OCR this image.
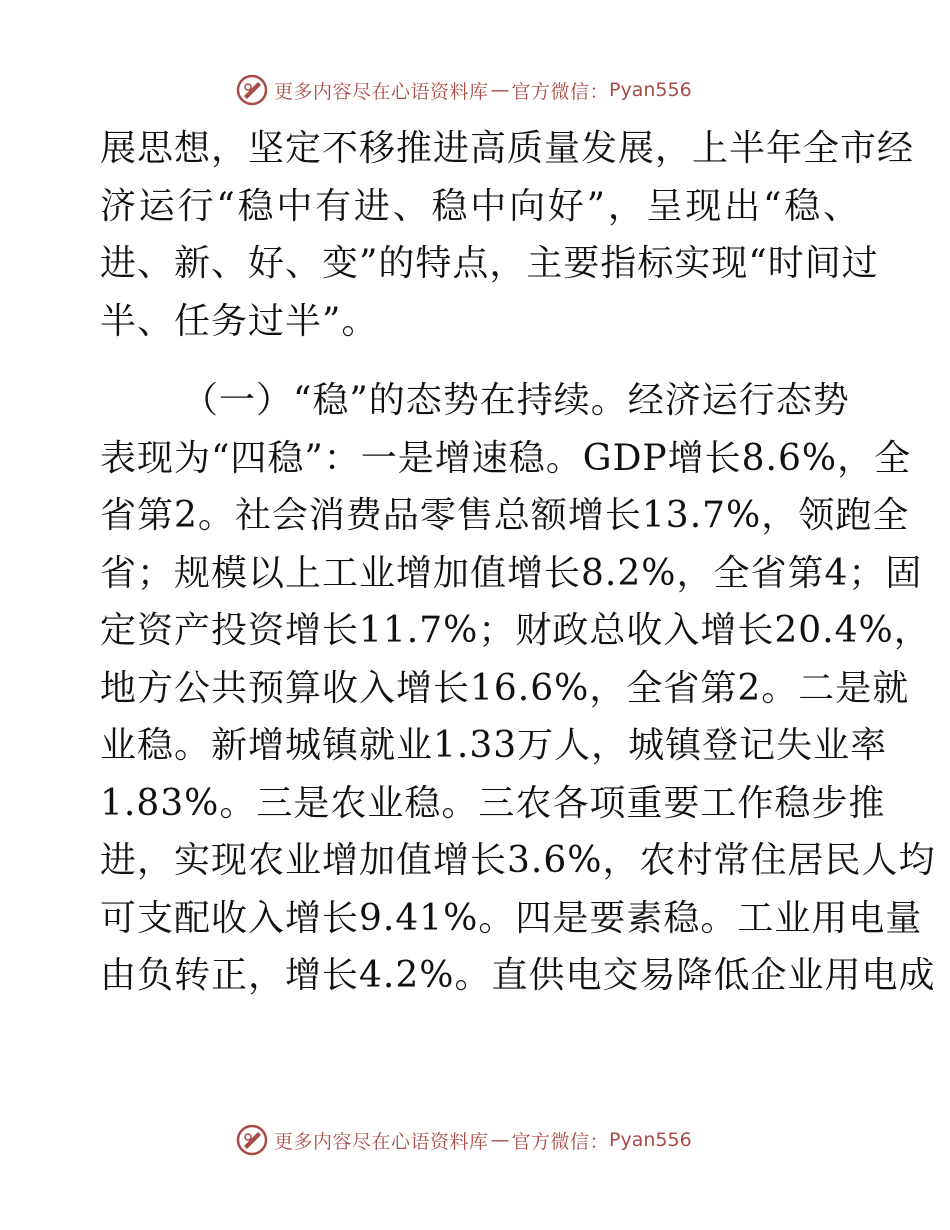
更多内容尽在心语资料库 — 官方微信： Pyan556
展思想，坚定不移推进高质量发展，上半年全市经
济运行“稳中有进、稳中向好”，呈现出“稳、
进、新、好、变”的特点，主要指标实现“时间过
半、任务过半”。
（一）“稳”的态势在持续。经济运行态势
表现为“四稳”：一是增速稳。GDP增长8.6%，全
省第2。社会消费品零售总额增长13.7%，领跑全
省；规模以上工业增加值增长8.2%，全省第4；固
定资产投资增长11.7%；财政总收入增长20.4%，
地方公共预算收入增长16.6%，全省第2。二是就
业稳。新增城镇就业1.33万人，城镇登记失业率
1.83%。三是农业稳。三农各项重要工作稳步推
进，实现农业增加值增长3.6%，农村常住居民人均
可支配收入增长9.41%。四是要素稳。工业用电量
由负转正，增长4.2%。直供电交易降低企业用电成
更多内容尽在心语资料库 — 官方微信： Pyan556
